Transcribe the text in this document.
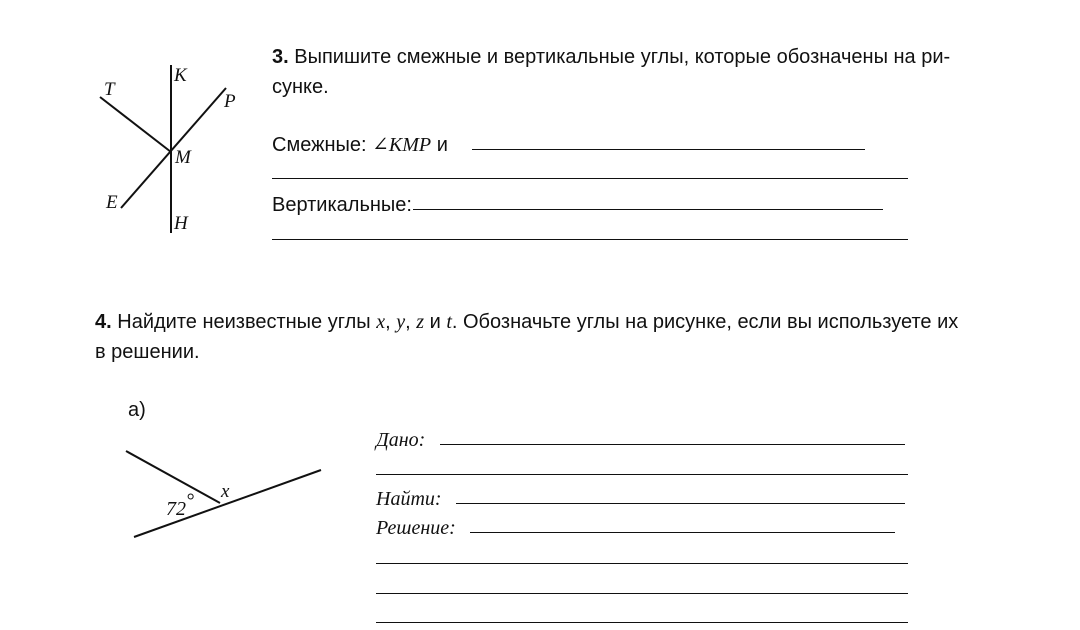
T
K
P
M
E
H
3. Выпишите смежные и вертикальные углы, которые обозначены на ри-
сунке.
Смежные: ∠KMP и
Вертикальные:
4. Найдите неизвестные углы x, y, z и t. Обозначьте углы на рисунке, если вы используете их
в решении.
а)
72° x
Дано:
Найти:
Решение:
